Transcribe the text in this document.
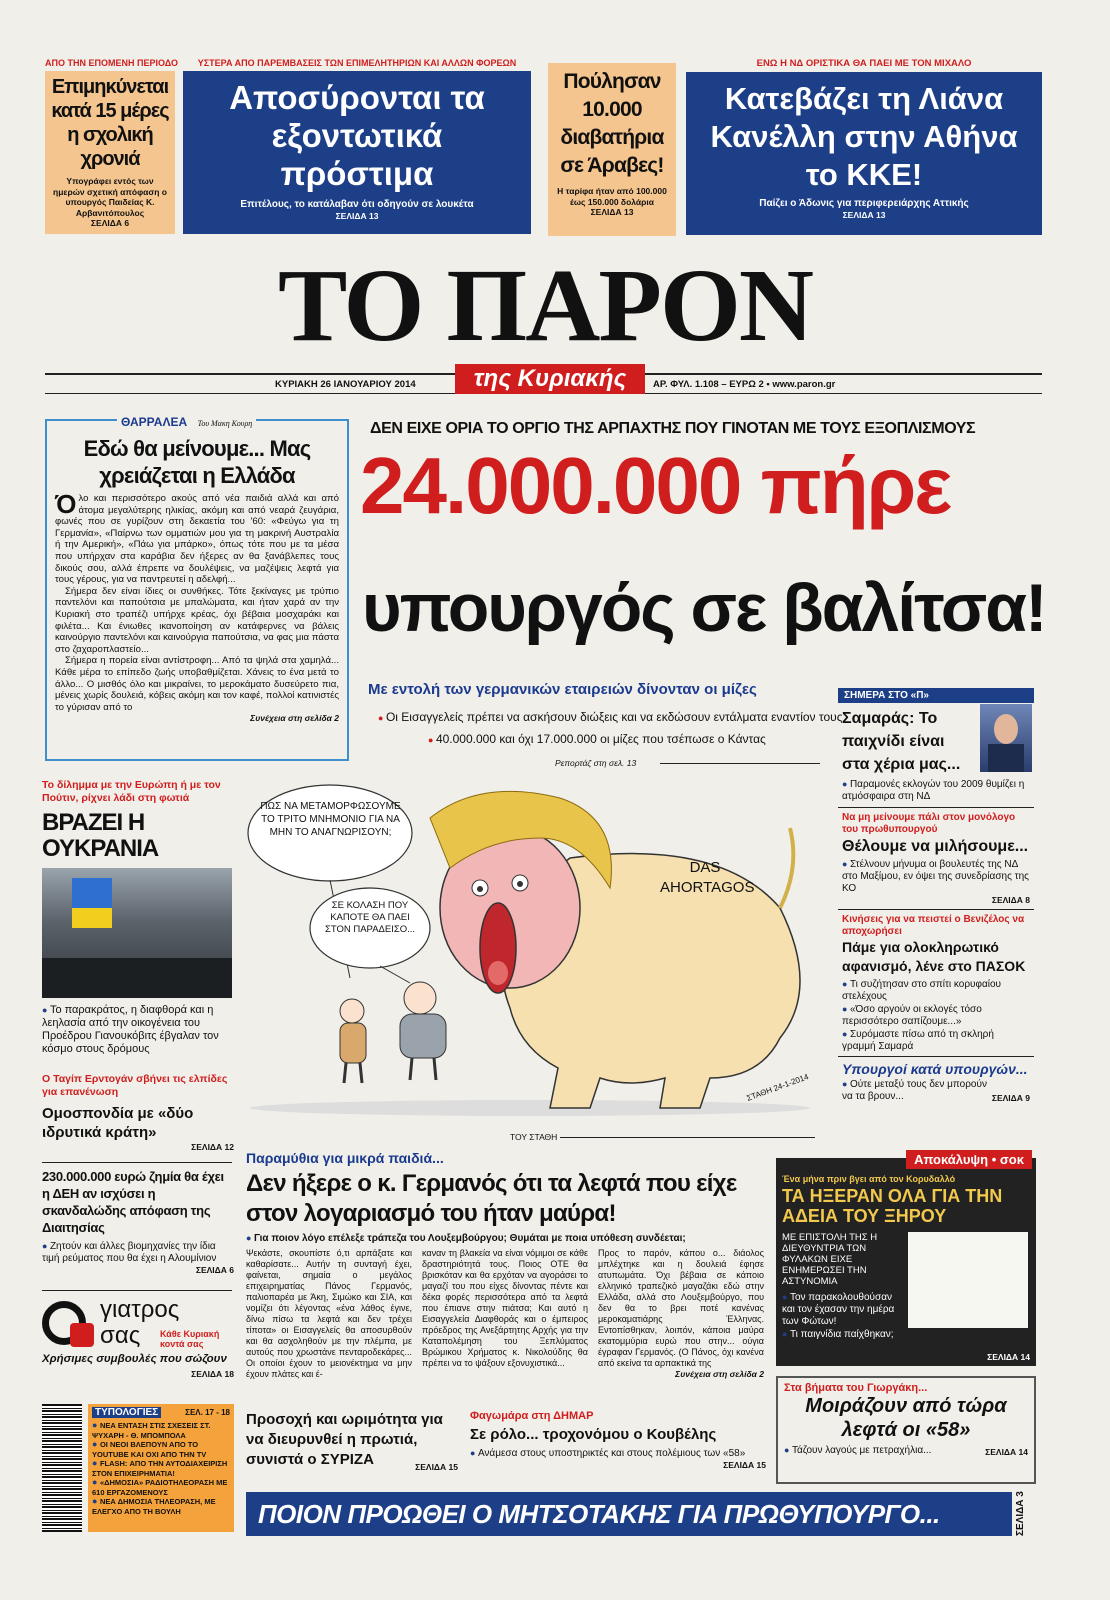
ΑΠΟ ΤΗΝ ΕΠΟΜΕΝΗ ΠΕΡΙΟΔΟ
Επιμηκύνεται κατά 15 μέρες η σχολική χρονιά
Υπογράφει εντός των ημερών σχετική απόφαση ο υπουργός Παιδείας Κ. Αρβανιτόπουλος
ΣΕΛΙΔΑ 6
ΥΣΤΕΡΑ ΑΠΟ ΠΑΡΕΜΒΑΣΕΙΣ ΤΩΝ ΕΠΙΜΕΛΗΤΗΡΙΩΝ ΚΑΙ ΑΛΛΩΝ ΦΟΡΕΩΝ
Αποσύρονται τα εξοντωτικά πρόστιμα
Επιτέλους, το κατάλαβαν ότι οδηγούν σε λουκέτα
ΣΕΛΙΔΑ 13
Πούλησαν 10.000 διαβατήρια σε Άραβες!
Η ταρίφα ήταν από 100.000 έως 150.000 δολάρια
ΣΕΛΙΔΑ 13
ΕΝΩ Η ΝΔ ΟΡΙΣΤΙΚΑ ΘΑ ΠΑΕΙ ΜΕ ΤΟΝ ΜΙΧΑΛΟ
Κατεβάζει τη Λιάνα Κανέλλη στην Αθήνα το ΚΚΕ!
Παίζει ο Άδωνις για περιφερειάρχης Αττικής
ΣΕΛΙΔΑ 13
ΤΟ ΠΑΡΟΝ
ΚΥΡΙΑΚΗ 26 ΙΑΝΟΥΑΡΙΟΥ 2014	της Κυριακής	ΑΡ. ΦΥΛ. 1.108 – ΕΥΡΩ 2 • www.paron.gr
ΘΑΡΡΑΛΕΑ Του Μακη Κουρη
Εδώ θα μείνουμε... Μας χρειάζεται η Ελλάδα

Όλο και περισσότερο ακούς από νέα παιδιά αλλά και από άτομα μεγαλύτερης ηλικίας, ακόμη και από νεαρά ζευγάρια, φωνές που σε γυρίζουν στη δεκαετία του '60: «Φεύγω για τη Γερμανία», «Παίρνω των ομματιών μου για τη μακρινή Αυστραλία ή την Αμερική», «Πάω για μπάρκο», όπως τότε που με τα μέσα που υπήρχαν στα καράβια δεν ήξερες αν θα ξανάβλεπες τους δικούς σου, αλλά έπρεπε να δουλέψεις, να μαζέψεις λεφτά για τους γέρους, για να παντρευτεί η αδελφή...

Σήμερα δεν είναι ίδιες οι συνθήκες. Τότε ξεκίναγες με τρύπιο παντελόνι και παπούτσια με μπαλώματα, και ήταν χαρά αν την Κυριακή στο τραπέζι υπήρχε κρέας, όχι βέβαια μοσχαράκι και φιλέτα... Και ένιωθες ικανοποίηση αν κατάφερνες να βάλεις καινούργιο παντελόνι και καινούργια παπούτσια, να φας μια πάστα στο ζαχαροπλαστείο...

Σήμερα η πορεία είναι αντίστροφη... Από τα ψηλά στα χαμηλά... Κάθε μέρα το επίπεδο ζωής υποβαθμίζεται. Χάνεις το ένα μετά το άλλο... Ο μισθός όλο και μικραίνει, το μεροκάματο δυσεύρετο πια, μένεις χωρίς δουλειά, κόβεις ακόμη και τον καφέ, πολλοί κατινιστές το γύρισαν από το

Συνέχεια στη σελίδα 2
ΔΕΝ ΕΙΧΕ ΟΡΙΑ ΤΟ ΟΡΓΙΟ ΤΗΣ ΑΡΠΑΧΤΗΣ ΠΟΥ ΓΙΝΟΤΑΝ ΜΕ ΤΟΥΣ ΕΞΟΠΛΙΣΜΟΥΣ
24.000.000 πήρε
υπουργός σε βαλίτσα!
Με εντολή των γερμανικών εταιρειών δίνονταν οι μίζες
● Οι Εισαγγελείς πρέπει να ασκήσουν διώξεις και να εκδώσουν εντάλματα εναντίον τους
● 40.000.000 και όχι 17.000.000 οι μίζες που τσέπωσε ο Κάντας
Ρεπορτάζ στη σελ. 13
ΠΩΣ ΝΑ ΜΕΤΑΜΟΡΦΩΣΟΥΜΕ ΤΟ ΤΡΙΤΟ ΜΝΗΜΟΝΙΟ ΓΙΑ ΝΑ ΜΗΝ ΤΟ ΑΝΑΓΝΩΡΙΣΟΥΝ;
ΣΕ ΚΟΛΑΣΗ ΠΟΥ ΚΑΠΟΤΕ ΘΑ ΠΑΕΙ ΣΤΟΝ ΠΑΡΑΔΕΙΣΟ...
DAS AHORTAGOS
ΣΤΑΘΗ 24-1-2014
ΤΟΥ ΣΤΑΘΗ
Το δίλημμα με την Ευρώπη ή με τον Πούτιν, ρίχνει λάδι στη φωτιά
ΒΡΑΖΕΙ Η ΟΥΚΡΑΝΙΑ
● Το παρακράτος, η διαφθορά και η λεηλασία από την οικογένεια του Προέδρου Γιανουκόβιτς έβγαλαν τον κόσμο στους δρόμους
Ο Ταγίπ Ερντογάν σβήνει τις ελπίδες για επανένωση
Ομοσπονδία με «δύο ιδρυτικά κράτη»
ΣΕΛΙΔΑ 12
230.000.000 ευρώ ζημία θα έχει η ΔΕΗ αν ισχύσει η σκανδαλώδης απόφαση της Διαιτησίας
● Ζητούν και άλλες βιομηχανίες την ίδια τιμή ρεύματος που θα έχει η Αλουμίνιον
ΣΕΛΙΔΑ 6
γιατρος
σας Κάθε Κυριακή κοντά σας
Χρήσιμες συμβουλές που σώζουν
ΣΕΛΙΔΑ 18
ΣΗΜΕΡΑ ΣΤΟ «Π»
Σαμαράς: Το παιχνίδι είναι στα χέρια μας...
● Παραμονές εκλογών του 2009 θυμίζει η ατμόσφαιρα στη ΝΔ
Να μη μείνουμε πάλι στον μονόλογο του πρωθυπουργού
Θέλουμε να μιλήσουμε...
● Στέλνουν μήνυμα οι βουλευτές της ΝΔ στο Μαξίμου, εν όψει της συνεδρίασης της ΚΟ
ΣΕΛΙΔΑ 8
Κινήσεις για να πειστεί ο Βενιζέλος να αποχωρήσει
Πάμε για ολοκληρωτικό αφανισμό, λένε στο ΠΑΣΟΚ
● Τι συζήτησαν στο σπίτι κορυφαίου στελέχους
● «Όσο αργούν οι εκλογές τόσο περισσότερο σαπίζουμε...»
● Συρόμαστε πίσω από τη σκληρή γραμμή Σαμαρά
Υπουργοί κατά υπουργών...
● Ούτε μεταξύ τους δεν μπορούν να τα βρουν...	ΣΕΛΙΔΑ 9
Παραμύθια για μικρά παιδιά...
Δεν ήξερε ο κ. Γερμανός ότι τα λεφτά που είχε στον λογαριασμό του ήταν μαύρα!
● Για ποιον λόγο επέλεξε τράπεζα του Λουξεμβούργου; Θυμάται με ποια υπόθεση συνδέεται;

Ψεκάστε, σκουπίστε ό,τι αρπάξατε και καθαρίσατε... Αυτήν τη συνταγή έχει, φαίνεται, σημαία ο μεγάλος επιχειρηματίας Πάνος Γερμανός, παλιοπαρέα με Άκη, Σιμώκο και ΣΙΑ, και νομίζει ότι λέγοντας «ένα λάθος έγινε, δίνω πίσω τα λεφτά και δεν τρέχει τίποτα» οι Εισαγγελείς θα αποσυρθούν και θα ασχοληθούν με την πλέμπα, με αυτούς που χρωστάνε πενταροδεκάρες... Οι οποίοι έχουν το μειονέκτημα να μην έχουν πλάτες και έ-

καναν τη βλακεία να είναι νόμιμοι σε κάθε δραστηριότητά τους. Ποιος ΟΤΕ θα βρισκόταν και θα ερχόταν να αγοράσει το μαγαζί του που είχες δίνοντας πέντε και δέκα φορές περισσότερα από τα λεφτά που έπιανε στην πιάτσα; Και αυτό η Εισαγγελεία Διαφθοράς και ο έμπειρος πρόεδρος της Ανεξάρτητης Αρχής για την Καταπολέμηση του Ξεπλύματος Βρώμικου Χρήματος κ. Νικολούδης θα πρέπει να το ψάξουν εξονυχιστικά...

Προς το παρόν, κάπου ο... διάολος μπλέχτηκε και η δουλειά έφησε ατυπωμάτα. Όχι βέβαια σε κάποιο ελληνικό τραπεζικό μαγαζάκι εδώ στην Ελλάδα, αλλά στο Λουξεμβούργο, που δεν θα το βρει ποτέ κανένας μεροκαματιάρης Έλληνας. Εντοπίσθηκαν, λοιπόν, κάποια μαύρα εκατομμύρια ευρώ που στην... ούγια έγραφαν Γερμανός. (Ο Πάνος, όχι κανένα από εκείνα τα αρπακτικά της

Συνέχεια στη σελίδα 2
Αποκάλυψη • σοκ
Ένα μήνα πριν βγει από τον Κορυδαλλό
ΤΑ ΗΞΕΡΑΝ ΟΛΑ ΓΙΑ ΤΗΝ ΑΔΕΙΑ ΤΟΥ ΞΗΡΟΥ
ΜΕ ΕΠΙΣΤΟΛΗ ΤΗΣ Η ΔΙΕΥΘΥΝΤΡΙΑ ΤΩΝ ΦΥΛΑΚΩΝ ΕΙΧΕ ΕΝΗΜΕΡΩΣΕΙ ΤΗΝ ΑΣΤΥΝΟΜΙΑ
● Τον παρακολουθούσαν και τον έχασαν την ημέρα των Φώτων!
● Τι παιγνίδια παίχθηκαν;
ΣΕΛΙΔΑ 14
ΤΥΠΟΛΟΓΙΕΣ	ΣΕΛ. 17 - 18
● ΝΕΑ ΕΝΤΑΣΗ ΣΤΙΣ ΣΧΕΣΕΙΣ ΣΤ. ΨΥΧΑΡΗ - Θ. ΜΠΟΜΠΟΛΑ
● ΟΙ ΝΕΟΙ ΒΛΕΠΟΥΝ ΑΠΟ ΤΟ YOUTUBE ΚΑΙ ΟΧΙ ΑΠΟ ΤΗΝ TV
● FLASH: ΑΠΟ ΤΗΝ ΑΥΤΟΔΙΑΧΕΙΡΙΣΗ ΣΤΟΝ ΕΠΙΧΕΙΡΗΜΑΤΙΑ!
● «ΔΗΜΟΣΙΑ» ΡΑΔΙΟΤΗΛΕΟΡΑΣΗ ΜΕ 610 ΕΡΓΑΖΟΜΕΝΟΥΣ
● ΝΕΑ ΔΗΜΟΣΙΑ ΤΗΛΕΟΡΑΣΗ, ΜΕ ΕΛΕΓΧΟ ΑΠΟ ΤΗ ΒΟΥΛΗ
Προσοχή και ωριμότητα για να διευρυνθεί η πρωτιά, συνιστά ο ΣΥΡΙΖΑ	ΣΕΛΙΔΑ 15
Φαγωμάρα στη ΔΗΜΑΡ
Σε ρόλο... τροχονόμου ο Κουβέλης
● Ανάμεσα στους υποστηρικτές και στους πολέμιους των «58»
ΣΕΛΙΔΑ 15
Στα βήματα του Γιωργάκη...
Μοιράζουν από τώρα λεφτά οι «58»
● Τάζουν λαγούς με πετραχήλια...	ΣΕΛΙΔΑ 14
ΠΟΙΟΝ ΠΡΟΩΘΕΙ Ο ΜΗΤΣΟΤΑΚΗΣ ΓΙΑ ΠΡΩΘΥΠΟΥΡΓΟ...	ΣΕΛΙΔΑ 3
